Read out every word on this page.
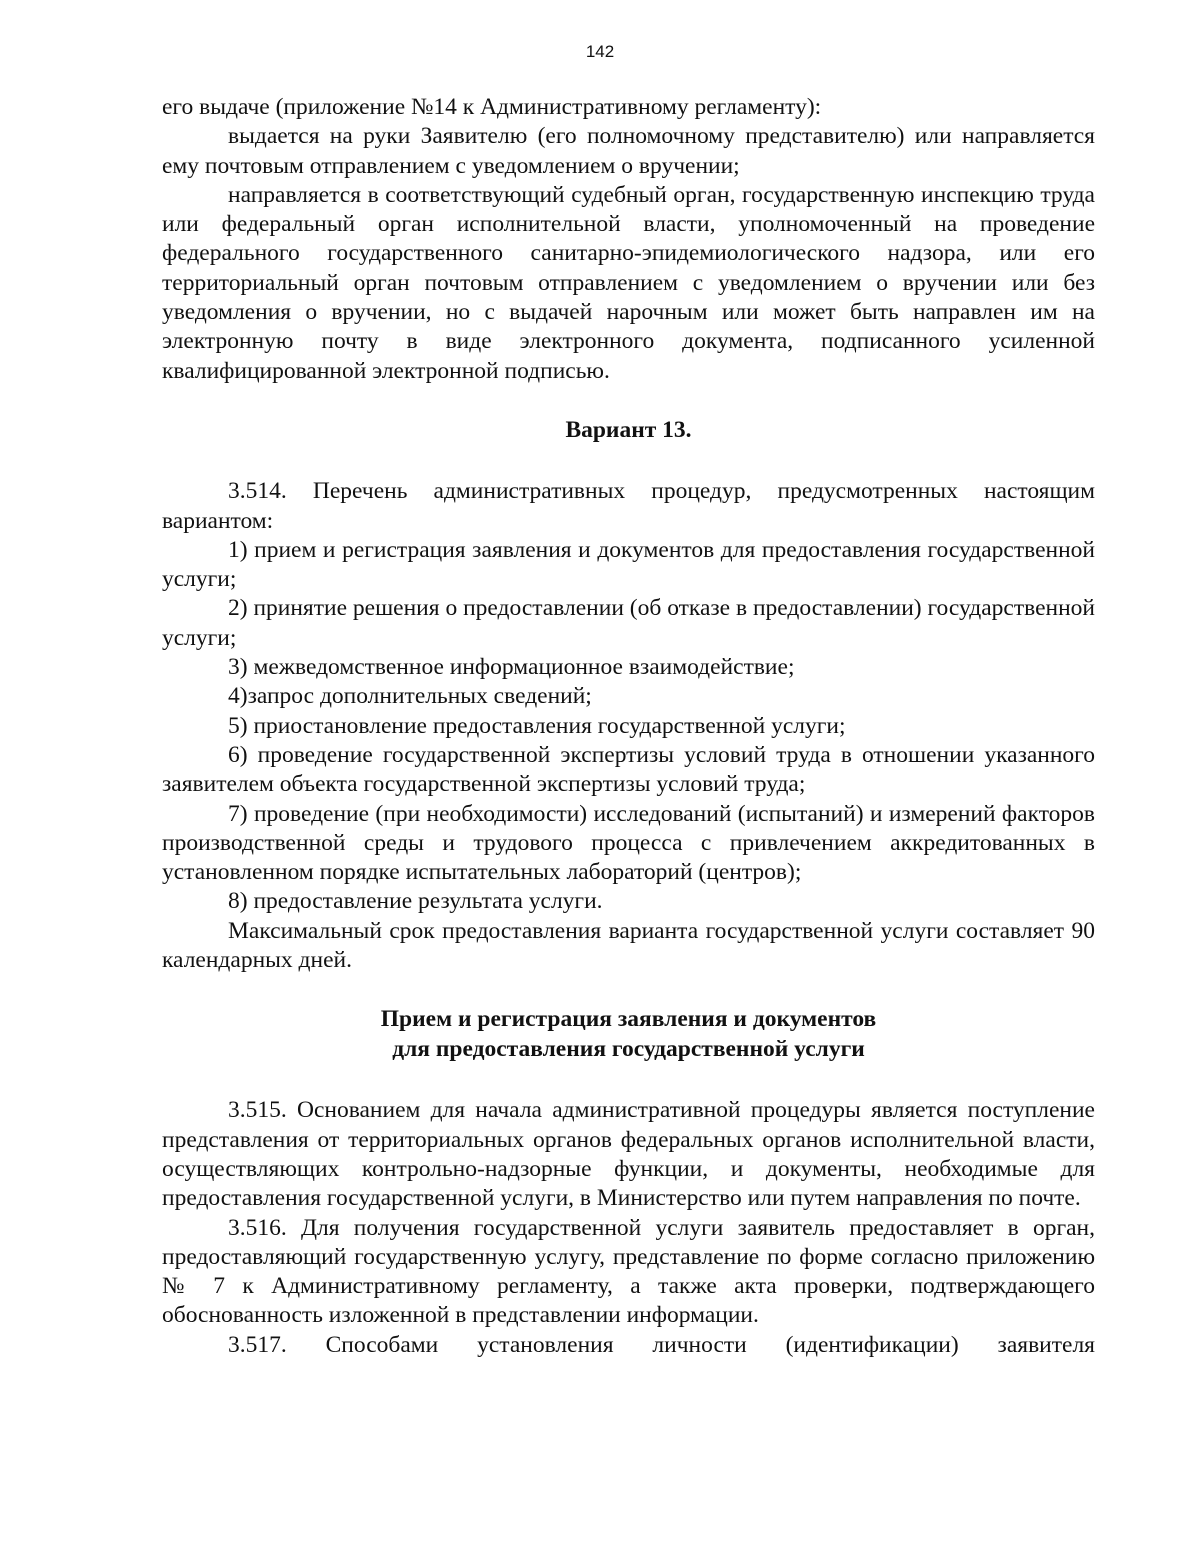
142

его выдаче (приложение №14 к Административному регламенту):

выдается на руки Заявителю (его полномочному представителю) или направляется ему почтовым отправлением с уведомлением о вручении;

направляется в соответствующий судебный орган, государственную инспекцию труда или федеральный орган исполнительной власти, уполномоченный на проведение федерального государственного санитарно-эпидемиологического надзора, или его территориальный орган почтовым отправлением с уведомлением о вручении или без уведомления о вручении, но с выдачей нарочным или может быть направлен им на электронную почту в виде электронного документа, подписанного усиленной квалифицированной электронной подписью.

Вариант 13.

3.514. Перечень административных процедур, предусмотренных настоящим вариантом:

1) прием и регистрация заявления и документов для предоставления государственной услуги;

2) принятие решения о предоставлении (об отказе в предоставлении) государственной услуги;

3) межведомственное информационное взаимодействие;

4)запрос дополнительных сведений;

5) приостановление предоставления государственной услуги;

6) проведение государственной экспертизы условий труда в отношении указанного заявителем объекта государственной экспертизы условий труда;

7) проведение (при необходимости) исследований (испытаний) и измерений факторов производственной среды и трудового процесса с привлечением аккредитованных в установленном порядке испытательных лабораторий (центров);

8) предоставление результата услуги.

Максимальный срок предоставления варианта государственной услуги составляет 90 календарных дней.

Прием и регистрация заявления и документов
для предоставления государственной услуги

3.515. Основанием для начала административной процедуры является поступление представления от территориальных органов федеральных органов исполнительной власти, осуществляющих контрольно-надзорные функции, и документы, необходимые для предоставления государственной услуги, в Министерство или путем направления по почте.

3.516. Для получения государственной услуги заявитель предоставляет в орган, предоставляющий государственную услугу, представление по форме согласно приложению № 7 к Административному регламенту, а также акта проверки, подтверждающего обоснованность изложенной в представлении информации.

3.517. Способами установления личности (идентификации) заявителя
